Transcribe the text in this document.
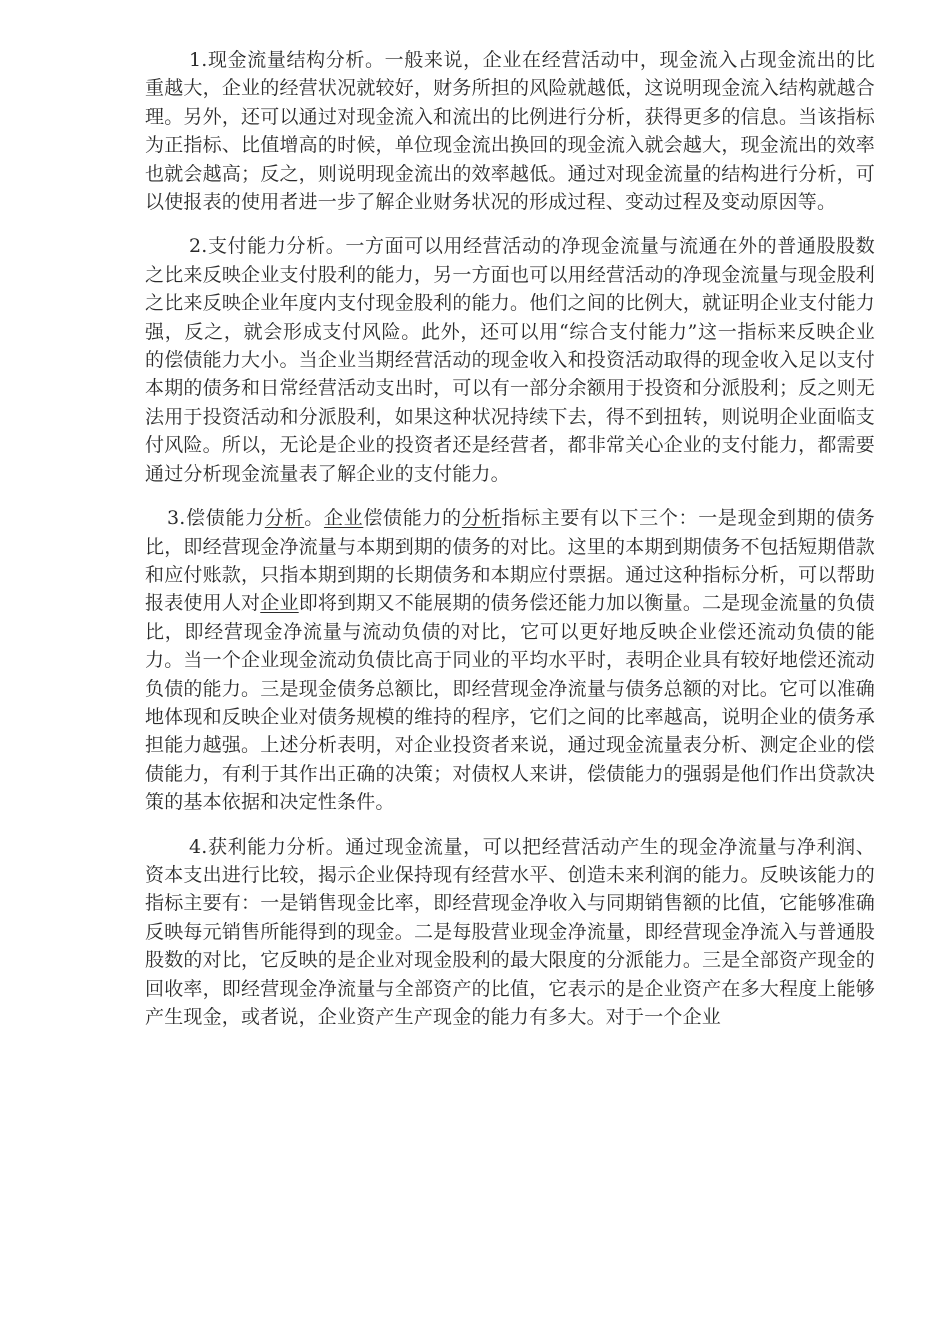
1.现金流量结构分析。一般来说，企业在经营活动中，现金流入占现金流出的比重越大，企业的经营状况就较好，财务所担的风险就越低，这说明现金流入结构就越合理。另外，还可以通过对现金流入和流出的比例进行分析，获得更多的信息。当该指标为正指标、比值增高的时候，单位现金流出换回的现金流入就会越大，现金流出的效率也就会越高；反之，则说明现金流出的效率越低。通过对现金流量的结构进行分析，可以使报表的使用者进一步了解企业财务状况的形成过程、变动过程及变动原因等。

2.支付能力分析。一方面可以用经营活动的净现金流量与流通在外的普通股股数之比来反映企业支付股利的能力，另一方面也可以用经营活动的净现金流量与现金股利之比来反映企业年度内支付现金股利的能力。他们之间的比例大，就证明企业支付能力强，反之，就会形成支付风险。此外，还可以用“综合支付能力”这一指标来反映企业的偿债能力大小。当企业当期经营活动的现金收入和投资活动取得的现金收入足以支付本期的债务和日常经营活动支出时，可以有一部分余额用于投资和分派股利；反之则无法用于投资活动和分派股利，如果这种状况持续下去，得不到扭转，则说明企业面临支付风险。所以，无论是企业的投资者还是经营者，都非常关心企业的支付能力，都需要通过分析现金流量表了解企业的支付能力。

3.偿债能力分析。企业偿债能力的分析指标主要有以下三个：一是现金到期的债务比，即经营现金净流量与本期到期的债务的对比。这里的本期到期债务不包括短期借款和应付账款，只指本期到期的长期债务和本期应付票据。通过这种指标分析，可以帮助报表使用人对企业即将到期又不能展期的债务偿还能力加以衡量。二是现金流量的负债比，即经营现金净流量与流动负债的对比，它可以更好地反映企业偿还流动负债的能力。当一个企业现金流动负债比高于同业的平均水平时，表明企业具有较好地偿还流动负债的能力。三是现金债务总额比，即经营现金净流量与债务总额的对比。它可以准确地体现和反映企业对债务规模的维持的程序，它们之间的比率越高，说明企业的债务承担能力越强。上述分析表明，对企业投资者来说，通过现金流量表分析、测定企业的偿债能力，有利于其作出正确的决策；对债权人来讲，偿债能力的强弱是他们作出贷款决策的基本依据和决定性条件。

4.获利能力分析。通过现金流量，可以把经营活动产生的现金净流量与净利润、资本支出进行比较，揭示企业保持现有经营水平、创造未来利润的能力。反映该能力的指标主要有：一是销售现金比率，即经营现金净收入与同期销售额的比值，它能够准确反映每元销售所能得到的现金。二是每股营业现金净流量，即经营现金净流入与普通股股数的对比，它反映的是企业对现金股利的最大限度的分派能力。三是全部资产现金的回收率，即经营现金净流量与全部资产的比值，它表示的是企业资产在多大程度上能够产生现金，或者说，企业资产生产现金的能力有多大。对于一个企业
